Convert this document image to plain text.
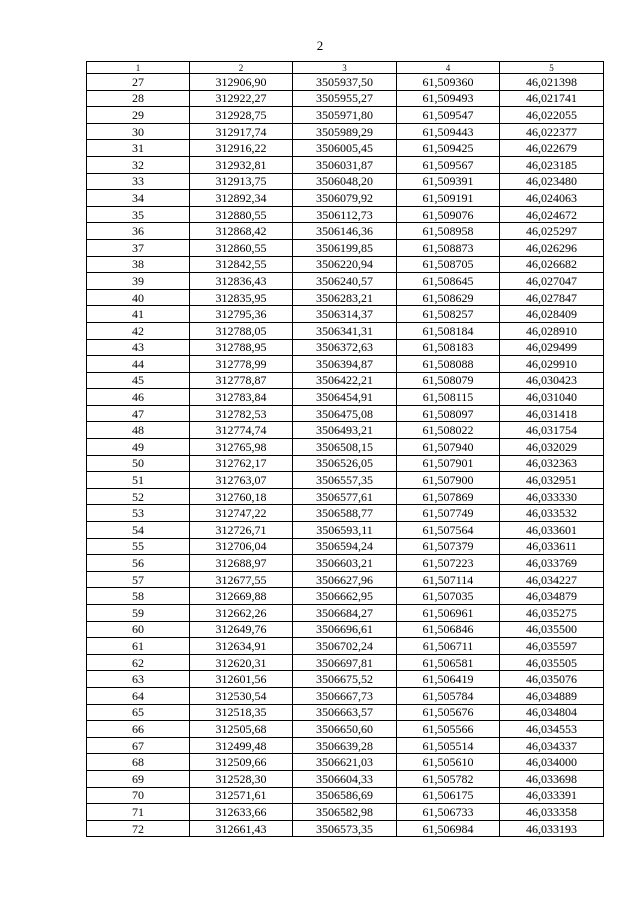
2
1	2	3	4	5
27	312906,90	3505937,50	61,509360	46,021398
28	312922,27	3505955,27	61,509493	46,021741
29	312928,75	3505971,80	61,509547	46,022055
30	312917,74	3505989,29	61,509443	46,022377
31	312916,22	3506005,45	61,509425	46,022679
32	312932,81	3506031,87	61,509567	46,023185
33	312913,75	3506048,20	61,509391	46,023480
34	312892,34	3506079,92	61,509191	46,024063
35	312880,55	3506112,73	61,509076	46,024672
36	312868,42	3506146,36	61,508958	46,025297
37	312860,55	3506199,85	61,508873	46,026296
38	312842,55	3506220,94	61,508705	46,026682
39	312836,43	3506240,57	61,508645	46,027047
40	312835,95	3506283,21	61,508629	46,027847
41	312795,36	3506314,37	61,508257	46,028409
42	312788,05	3506341,31	61,508184	46,028910
43	312788,95	3506372,63	61,508183	46,029499
44	312778,99	3506394,87	61,508088	46,029910
45	312778,87	3506422,21	61,508079	46,030423
46	312783,84	3506454,91	61,508115	46,031040
47	312782,53	3506475,08	61,508097	46,031418
48	312774,74	3506493,21	61,508022	46,031754
49	312765,98	3506508,15	61,507940	46,032029
50	312762,17	3506526,05	61,507901	46,032363
51	312763,07	3506557,35	61,507900	46,032951
52	312760,18	3506577,61	61,507869	46,033330
53	312747,22	3506588,77	61,507749	46,033532
54	312726,71	3506593,11	61,507564	46,033601
55	312706,04	3506594,24	61,507379	46,033611
56	312688,97	3506603,21	61,507223	46,033769
57	312677,55	3506627,96	61,507114	46,034227
58	312669,88	3506662,95	61,507035	46,034879
59	312662,26	3506684,27	61,506961	46,035275
60	312649,76	3506696,61	61,506846	46,035500
61	312634,91	3506702,24	61,506711	46,035597
62	312620,31	3506697,81	61,506581	46,035505
63	312601,56	3506675,52	61,506419	46,035076
64	312530,54	3506667,73	61,505784	46,034889
65	312518,35	3506663,57	61,505676	46,034804
66	312505,68	3506650,60	61,505566	46,034553
67	312499,48	3506639,28	61,505514	46,034337
68	312509,66	3506621,03	61,505610	46,034000
69	312528,30	3506604,33	61,505782	46,033698
70	312571,61	3506586,69	61,506175	46,033391
71	312633,66	3506582,98	61,506733	46,033358
72	312661,43	3506573,35	61,506984	46,033193
